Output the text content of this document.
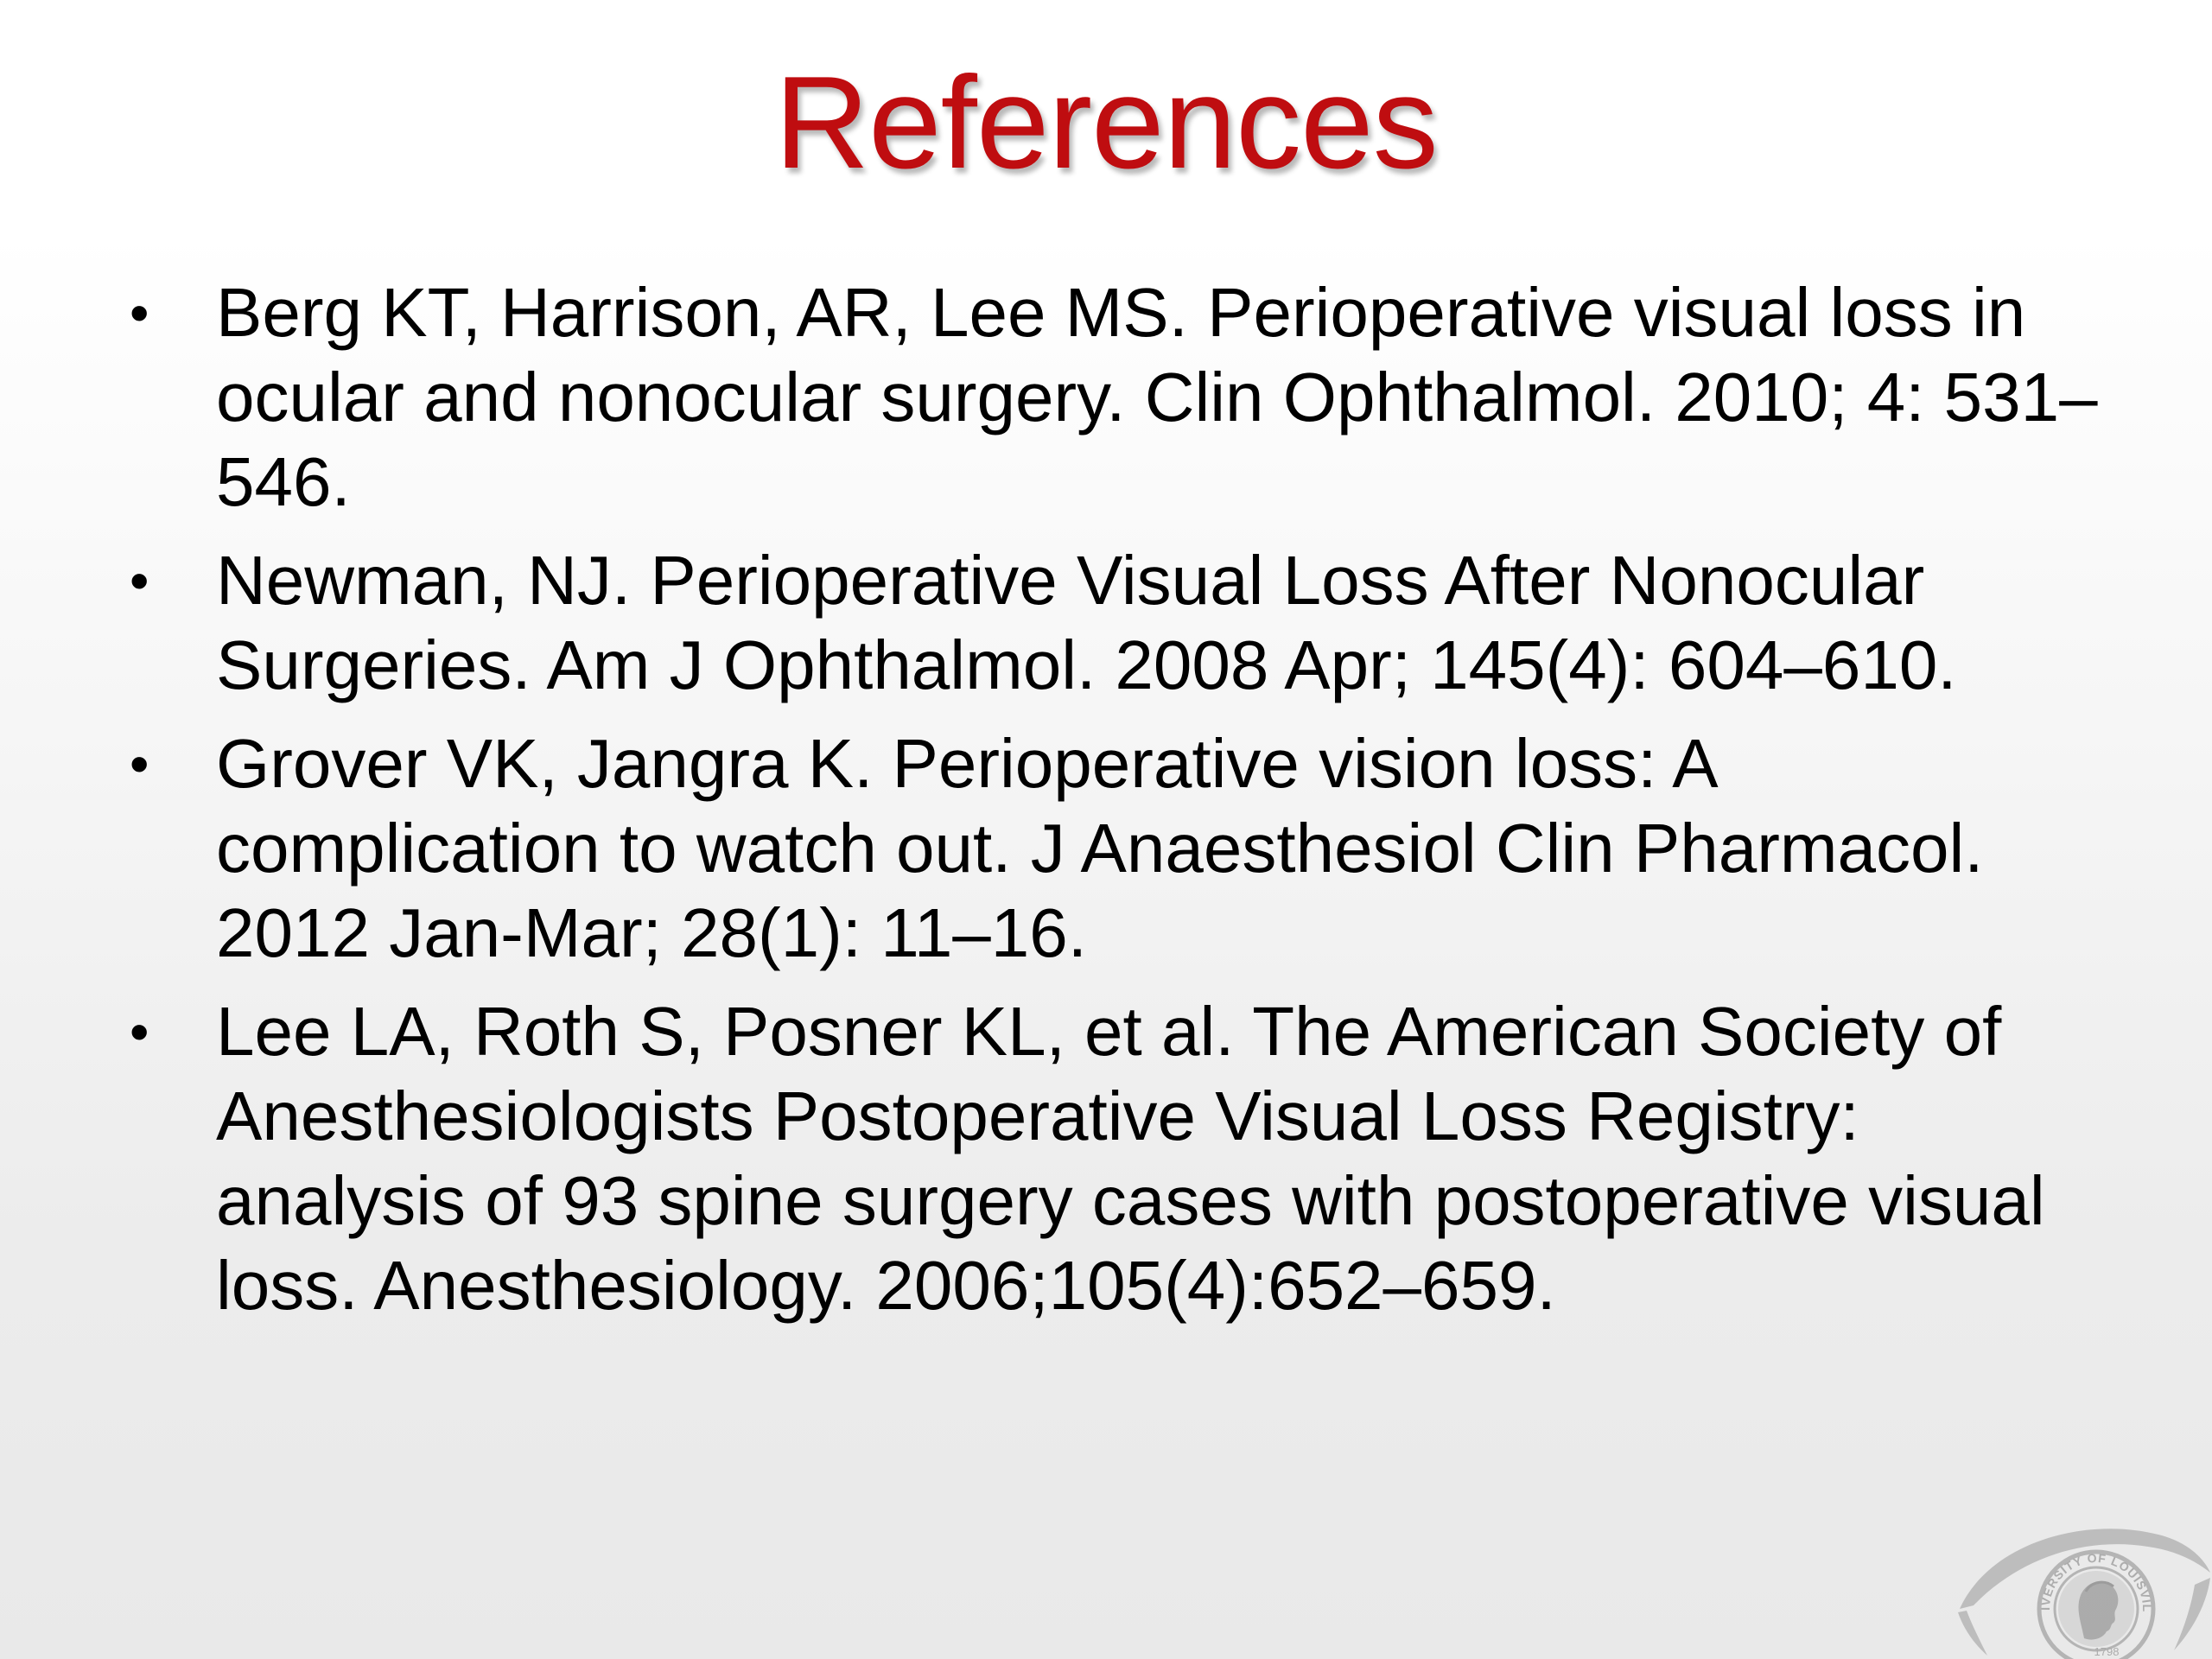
References
• Berg KT, Harrison, AR, Lee MS. Perioperative visual loss in ocular and nonocular surgery. Clin Ophthalmol. 2010; 4: 531–546.
• Newman, NJ. Perioperative Visual Loss After Nonocular Surgeries. Am J Ophthalmol. 2008 Apr; 145(4): 604–610.
• Grover VK, Jangra K. Perioperative vision loss: A complication to watch out. J Anaesthesiol Clin Pharmacol. 2012 Jan-Mar; 28(1): 11–16.
• Lee LA, Roth S, Posner KL, et al. The American Society of Anesthesiologists Postoperative Visual Loss Registry: analysis of 93 spine surgery cases with postoperative visual loss. Anesthesiology. 2006;105(4):652–659.
IVERSITY OF LOUISVIL
1798
